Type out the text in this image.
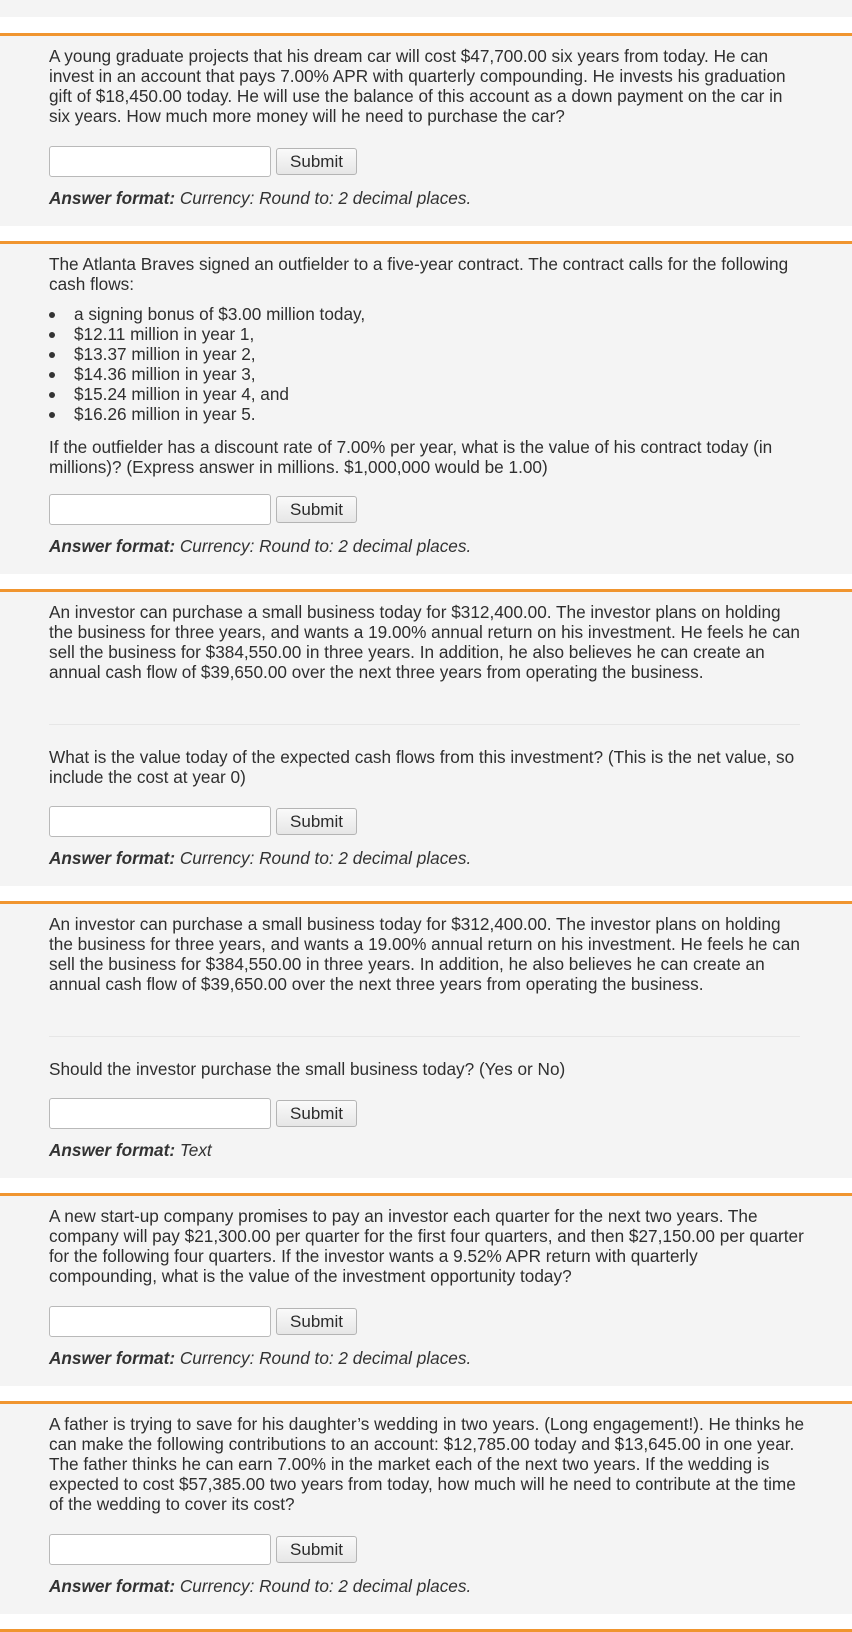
A young graduate projects that his dream car will cost $47,700.00 six years from today. He can invest in an account that pays 7.00% APR with quarterly compounding. He invests his graduation gift of $18,450.00 today. He will use the balance of this account as a down payment on the car in six years. How much more money will he need to purchase the car?

Submit
Answer format: Currency: Round to: 2 decimal places.

The Atlanta Braves signed an outfielder to a five-year contract. The contract calls for the following cash flows:

a signing bonus of $3.00 million today,
$12.11 million in year 1,
$13.37 million in year 2,
$14.36 million in year 3,
$15.24 million in year 4, and
$16.26 million in year 5.

If the outfielder has a discount rate of 7.00% per year, what is the value of his contract today (in millions)? (Express answer in millions. $1,000,000 would be 1.00)

Submit
Answer format: Currency: Round to: 2 decimal places.

An investor can purchase a small business today for $312,400.00. The investor plans on holding the business for three years, and wants a 19.00% annual return on his investment. He feels he can sell the business for $384,550.00 in three years. In addition, he also believes he can create an annual cash flow of $39,650.00 over the next three years from operating the business.

What is the value today of the expected cash flows from this investment? (This is the net value, so include the cost at year 0)

Submit
Answer format: Currency: Round to: 2 decimal places.

An investor can purchase a small business today for $312,400.00. The investor plans on holding the business for three years, and wants a 19.00% annual return on his investment. He feels he can sell the business for $384,550.00 in three years. In addition, he also believes he can create an annual cash flow of $39,650.00 over the next three years from operating the business.

Should the investor purchase the small business today? (Yes or No)

Submit
Answer format: Text

A new start-up company promises to pay an investor each quarter for the next two years. The company will pay $21,300.00 per quarter for the first four quarters, and then $27,150.00 per quarter for the following four quarters. If the investor wants a 9.52% APR return with quarterly compounding, what is the value of the investment opportunity today?

Submit
Answer format: Currency: Round to: 2 decimal places.

A father is trying to save for his daughter’s wedding in two years. (Long engagement!). He thinks he can make the following contributions to an account: $12,785.00 today and $13,645.00 in one year. The father thinks he can earn 7.00% in the market each of the next two years. If the wedding is expected to cost $57,385.00 two years from today, how much will he need to contribute at the time of the wedding to cover its cost?

Submit
Answer format: Currency: Round to: 2 decimal places.
